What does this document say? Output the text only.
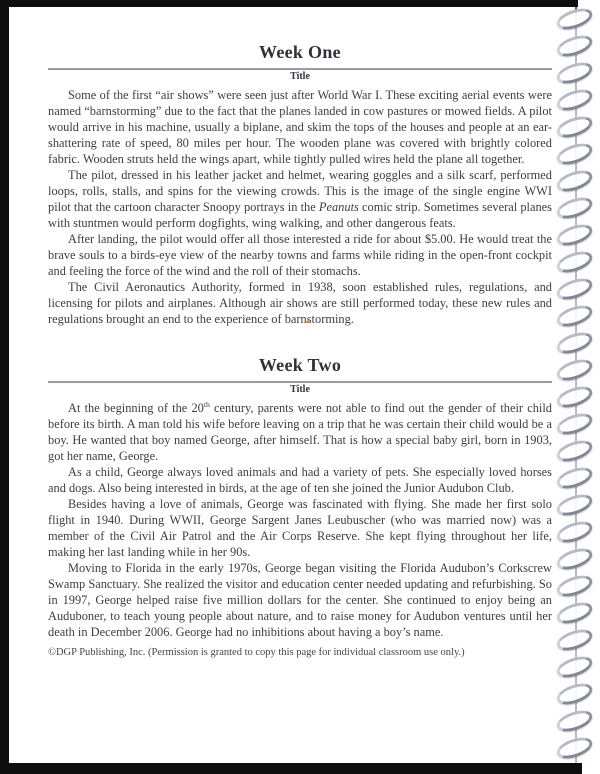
Week One
Title

Some of the first “air shows” were seen just after World War I. These exciting aerial events were named “barnstorming” due to the fact that the planes landed in cow pastures or mowed fields. A pilot would arrive in his machine, usually a biplane, and skim the tops of the houses and people at an ear-shattering rate of speed, 80 miles per hour. The wooden plane was covered with brightly colored fabric. Wooden struts held the wings apart, while tightly pulled wires held the plane all together.

The pilot, dressed in his leather jacket and helmet, wearing goggles and a silk scarf, performed loops, rolls, stalls, and spins for the viewing crowds. This is the image of the single engine WWI pilot that the cartoon character Snoopy portrays in the Peanuts comic strip. Sometimes several planes with stuntmen would perform dogfights, wing walking, and other dangerous feats.

After landing, the pilot would offer all those interested a ride for about $5.00. He would treat the brave souls to a birds-eye view of the nearby towns and farms while riding in the open-front cockpit and feeling the force of the wind and the roll of their stomachs.

The Civil Aeronautics Authority, formed in 1938, soon established rules, regulations, and licensing for pilots and airplanes. Although air shows are still performed today, these new rules and regulations brought an end to the experience of barnstorming.

Week Two
Title

At the beginning of the 20th century, parents were not able to find out the gender of their child before its birth. A man told his wife before leaving on a trip that he was certain their child would be a boy. He wanted that boy named George, after himself. That is how a special baby girl, born in 1903, got her name, George.

As a child, George always loved animals and had a variety of pets. She especially loved horses and dogs. Also being interested in birds, at the age of ten she joined the Junior Audubon Club.

Besides having a love of animals, George was fascinated with flying. She made her first solo flight in 1940. During WWII, George Sargent Janes Leubuscher (who was married now) was a member of the Civil Air Patrol and the Air Corps Reserve. She kept flying throughout her life, making her last landing while in her 90s.

Moving to Florida in the early 1970s, George began visiting the Florida Audubon’s Corkscrew Swamp Sanctuary. She realized the visitor and education center needed updating and refurbishing. So in 1997, George helped raise five million dollars for the center. She continued to enjoy being an Auduboner, to teach young people about nature, and to raise money for Audubon ventures until her death in December 2006. George had no inhibitions about having a boy’s name.

©DGP Publishing, Inc. (Permission is granted to copy this page for individual classroom use only.)
